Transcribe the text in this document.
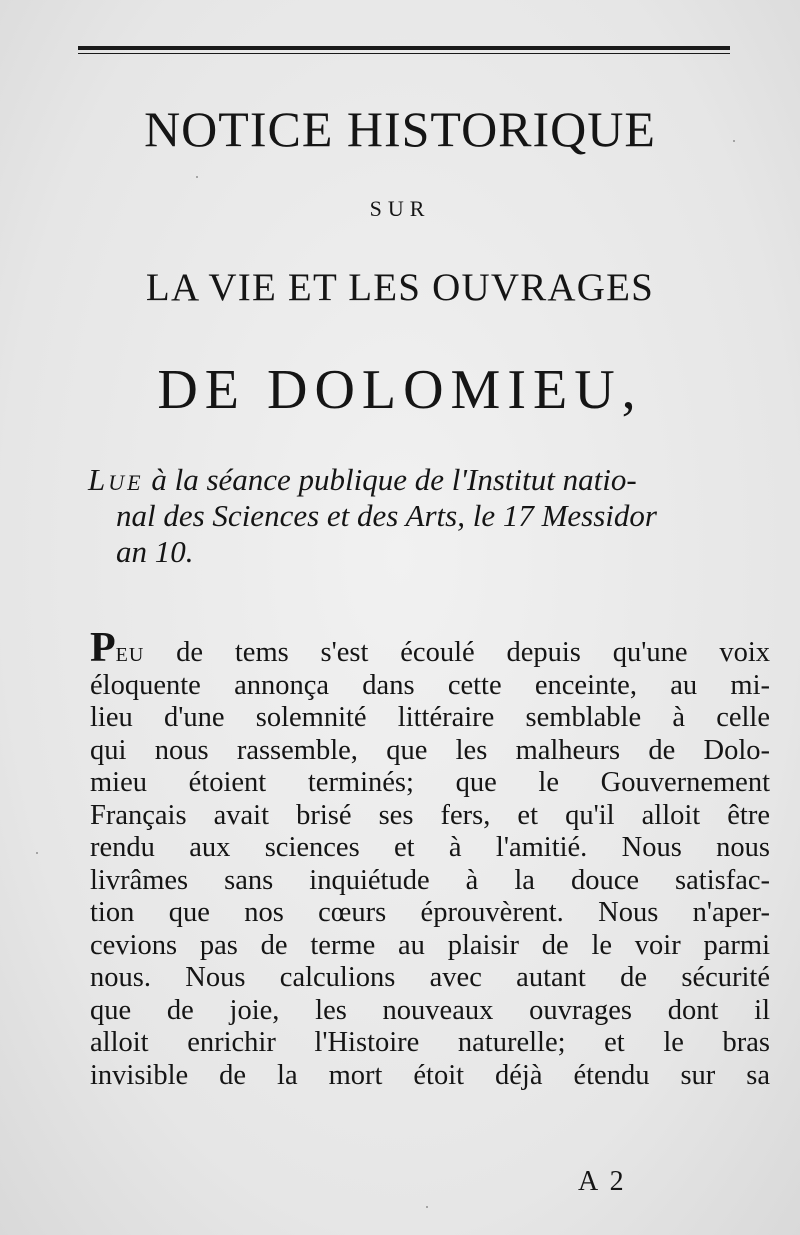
NOTICE HISTORIQUE
SUR
LA VIE ET LES OUVRAGES
DE DOLOMIEU,

Lue à la séance publique de l'Institut natio-
nal des Sciences et des Arts, le 17 Messidor
an 10.

Peu de tems s'est écoulé depuis qu'une voix
éloquente annonça dans cette enceinte, au mi-
lieu d'une solemnité littéraire semblable à celle
qui nous rassemble, que les malheurs de Dolo-
mieu étoient terminés; que le Gouvernement
Français avait brisé ses fers, et qu'il alloit être
rendu aux sciences et à l'amitié. Nous nous
livrâmes sans inquiétude à la douce satisfac-
tion que nos cœurs éprouvèrent. Nous n'aper-
cevions pas de terme au plaisir de le voir parmi
nous. Nous calculions avec autant de sécurité
que de joie, les nouveaux ouvrages dont il
alloit enrichir l'Histoire naturelle; et le bras
invisible de la mort étoit déjà étendu sur sa
A 2
